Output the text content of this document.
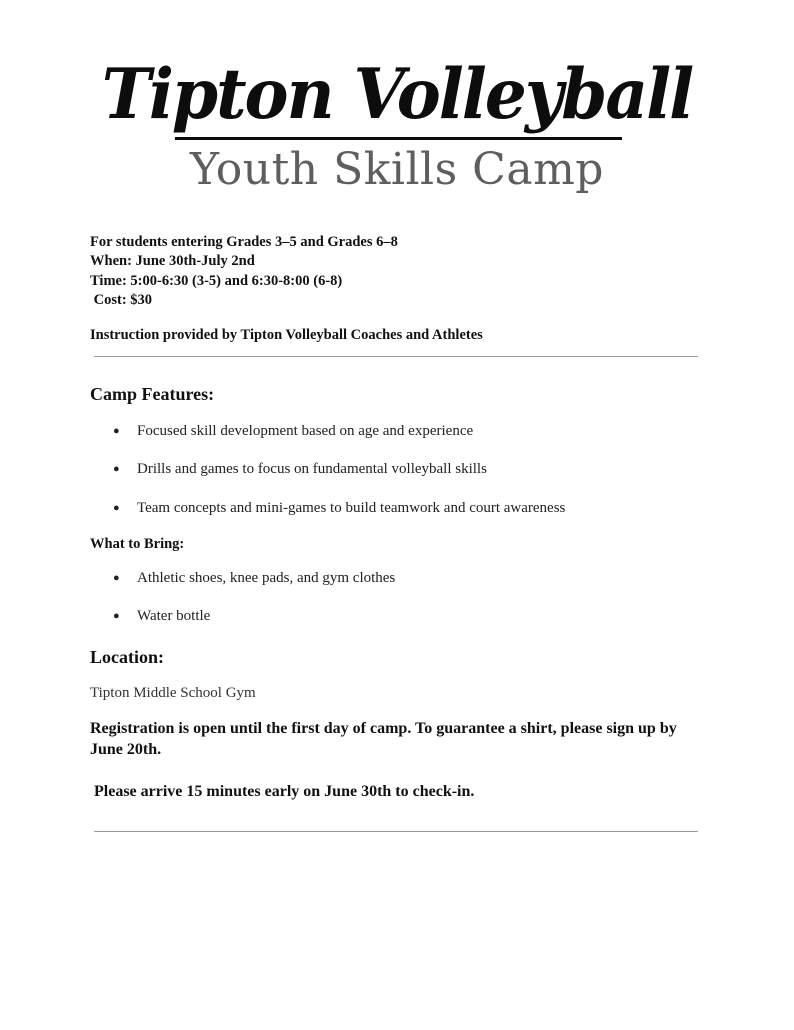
Tipton Volleyball
Youth Skills Camp
For students entering Grades 3–5 and Grades 6–8
When: June 30th-July 2nd
Time: 5:00-6:30 (3-5) and 6:30-8:00 (6-8)
Cost: $30
Instruction provided by Tipton Volleyball Coaches and Athletes
Camp Features:
● Focused skill development based on age and experience
● Drills and games to focus on fundamental volleyball skills
● Team concepts and mini-games to build teamwork and court awareness
What to Bring:
● Athletic shoes, knee pads, and gym clothes
● Water bottle
Location:
Tipton Middle School Gym
Registration is open until the first day of camp. To guarantee a shirt, please sign up by June 20th.
Please arrive 15 minutes early on June 30th to check-in.
